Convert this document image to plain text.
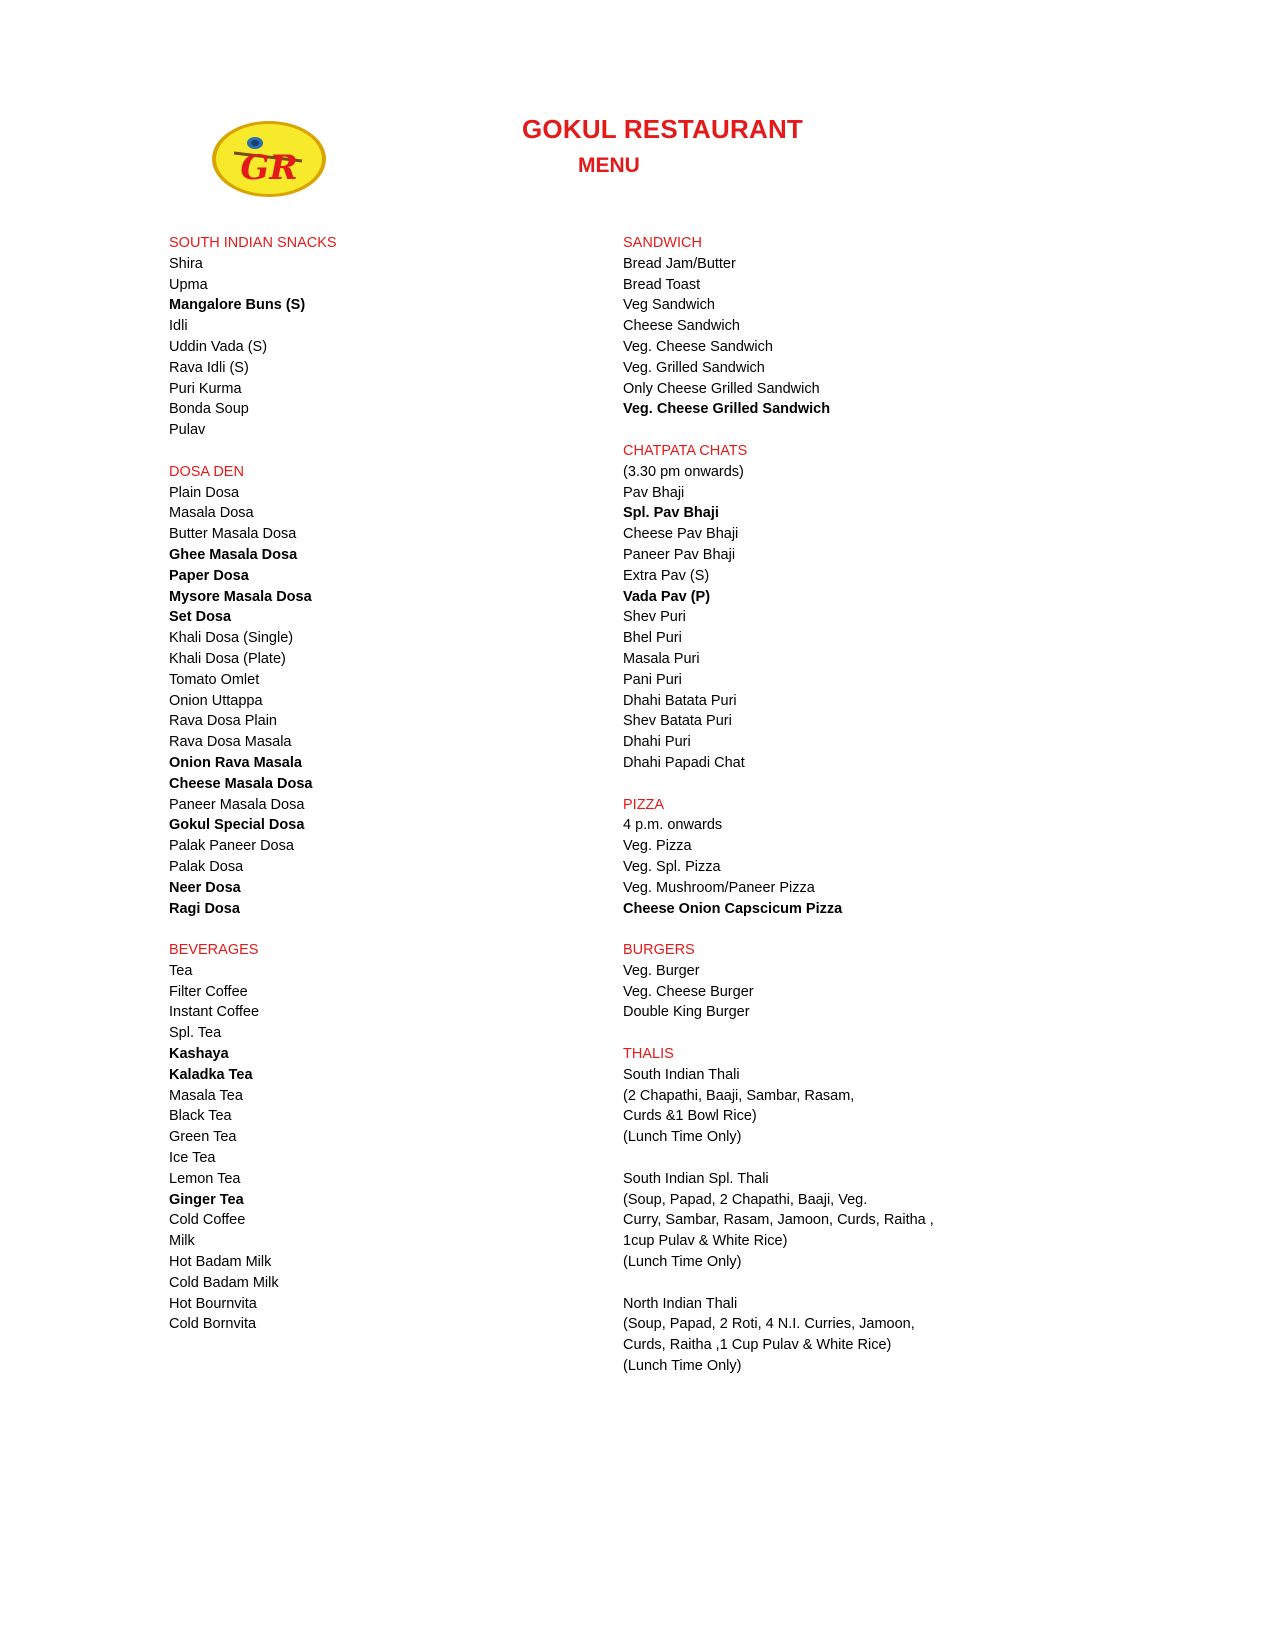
GR
GOKUL RESTAURANT
MENU
SOUTH INDIAN SNACKS
Shira
Upma
Mangalore Buns (S)
Idli
Uddin Vada (S)
Rava Idli (S)
Puri Kurma
Bonda Soup
Pulav
DOSA DEN
Plain Dosa
Masala Dosa
Butter Masala Dosa
Ghee Masala Dosa
Paper Dosa
Mysore Masala Dosa
Set Dosa
Khali Dosa (Single)
Khali Dosa (Plate)
Tomato Omlet
Onion Uttappa
Rava Dosa Plain
Rava Dosa Masala
Onion Rava Masala
Cheese Masala Dosa
Paneer Masala Dosa
Gokul Special Dosa
Palak Paneer Dosa
Palak Dosa
Neer Dosa
Ragi Dosa
BEVERAGES
Tea
Filter Coffee
Instant Coffee
Spl. Tea
Kashaya
Kaladka Tea
Masala Tea
Black Tea
Green Tea
Ice Tea
Lemon Tea
Ginger Tea
Cold Coffee
Milk
Hot Badam Milk
Cold Badam Milk
Hot Bournvita
Cold Bornvita
SANDWICH
Bread Jam/Butter
Bread Toast
Veg Sandwich
Cheese Sandwich
Veg. Cheese Sandwich
Veg. Grilled Sandwich
Only Cheese Grilled Sandwich
Veg. Cheese Grilled Sandwich
CHATPATA CHATS
(3.30 pm onwards)
Pav Bhaji
Spl. Pav Bhaji
Cheese Pav Bhaji
Paneer Pav Bhaji
Extra Pav (S)
Vada Pav (P)
Shev Puri
Bhel Puri
Masala Puri
Pani Puri
Dhahi Batata Puri
Shev Batata Puri
Dhahi Puri
Dhahi Papadi Chat
PIZZA
4 p.m. onwards
Veg. Pizza
Veg. Spl. Pizza
Veg. Mushroom/Paneer Pizza
Cheese Onion Capscicum Pizza
BURGERS
Veg. Burger
Veg. Cheese Burger
Double King Burger
THALIS
South Indian Thali
(2 Chapathi, Baaji, Sambar, Rasam,
Curds &1 Bowl Rice)
(Lunch Time Only)
South Indian Spl. Thali
(Soup, Papad, 2 Chapathi, Baaji, Veg.
Curry, Sambar, Rasam, Jamoon, Curds, Raitha ,
1cup Pulav & White Rice)
(Lunch Time Only)
North Indian Thali
(Soup, Papad, 2 Roti, 4 N.I. Curries, Jamoon,
Curds, Raitha ,1 Cup Pulav & White Rice)
(Lunch Time Only)
